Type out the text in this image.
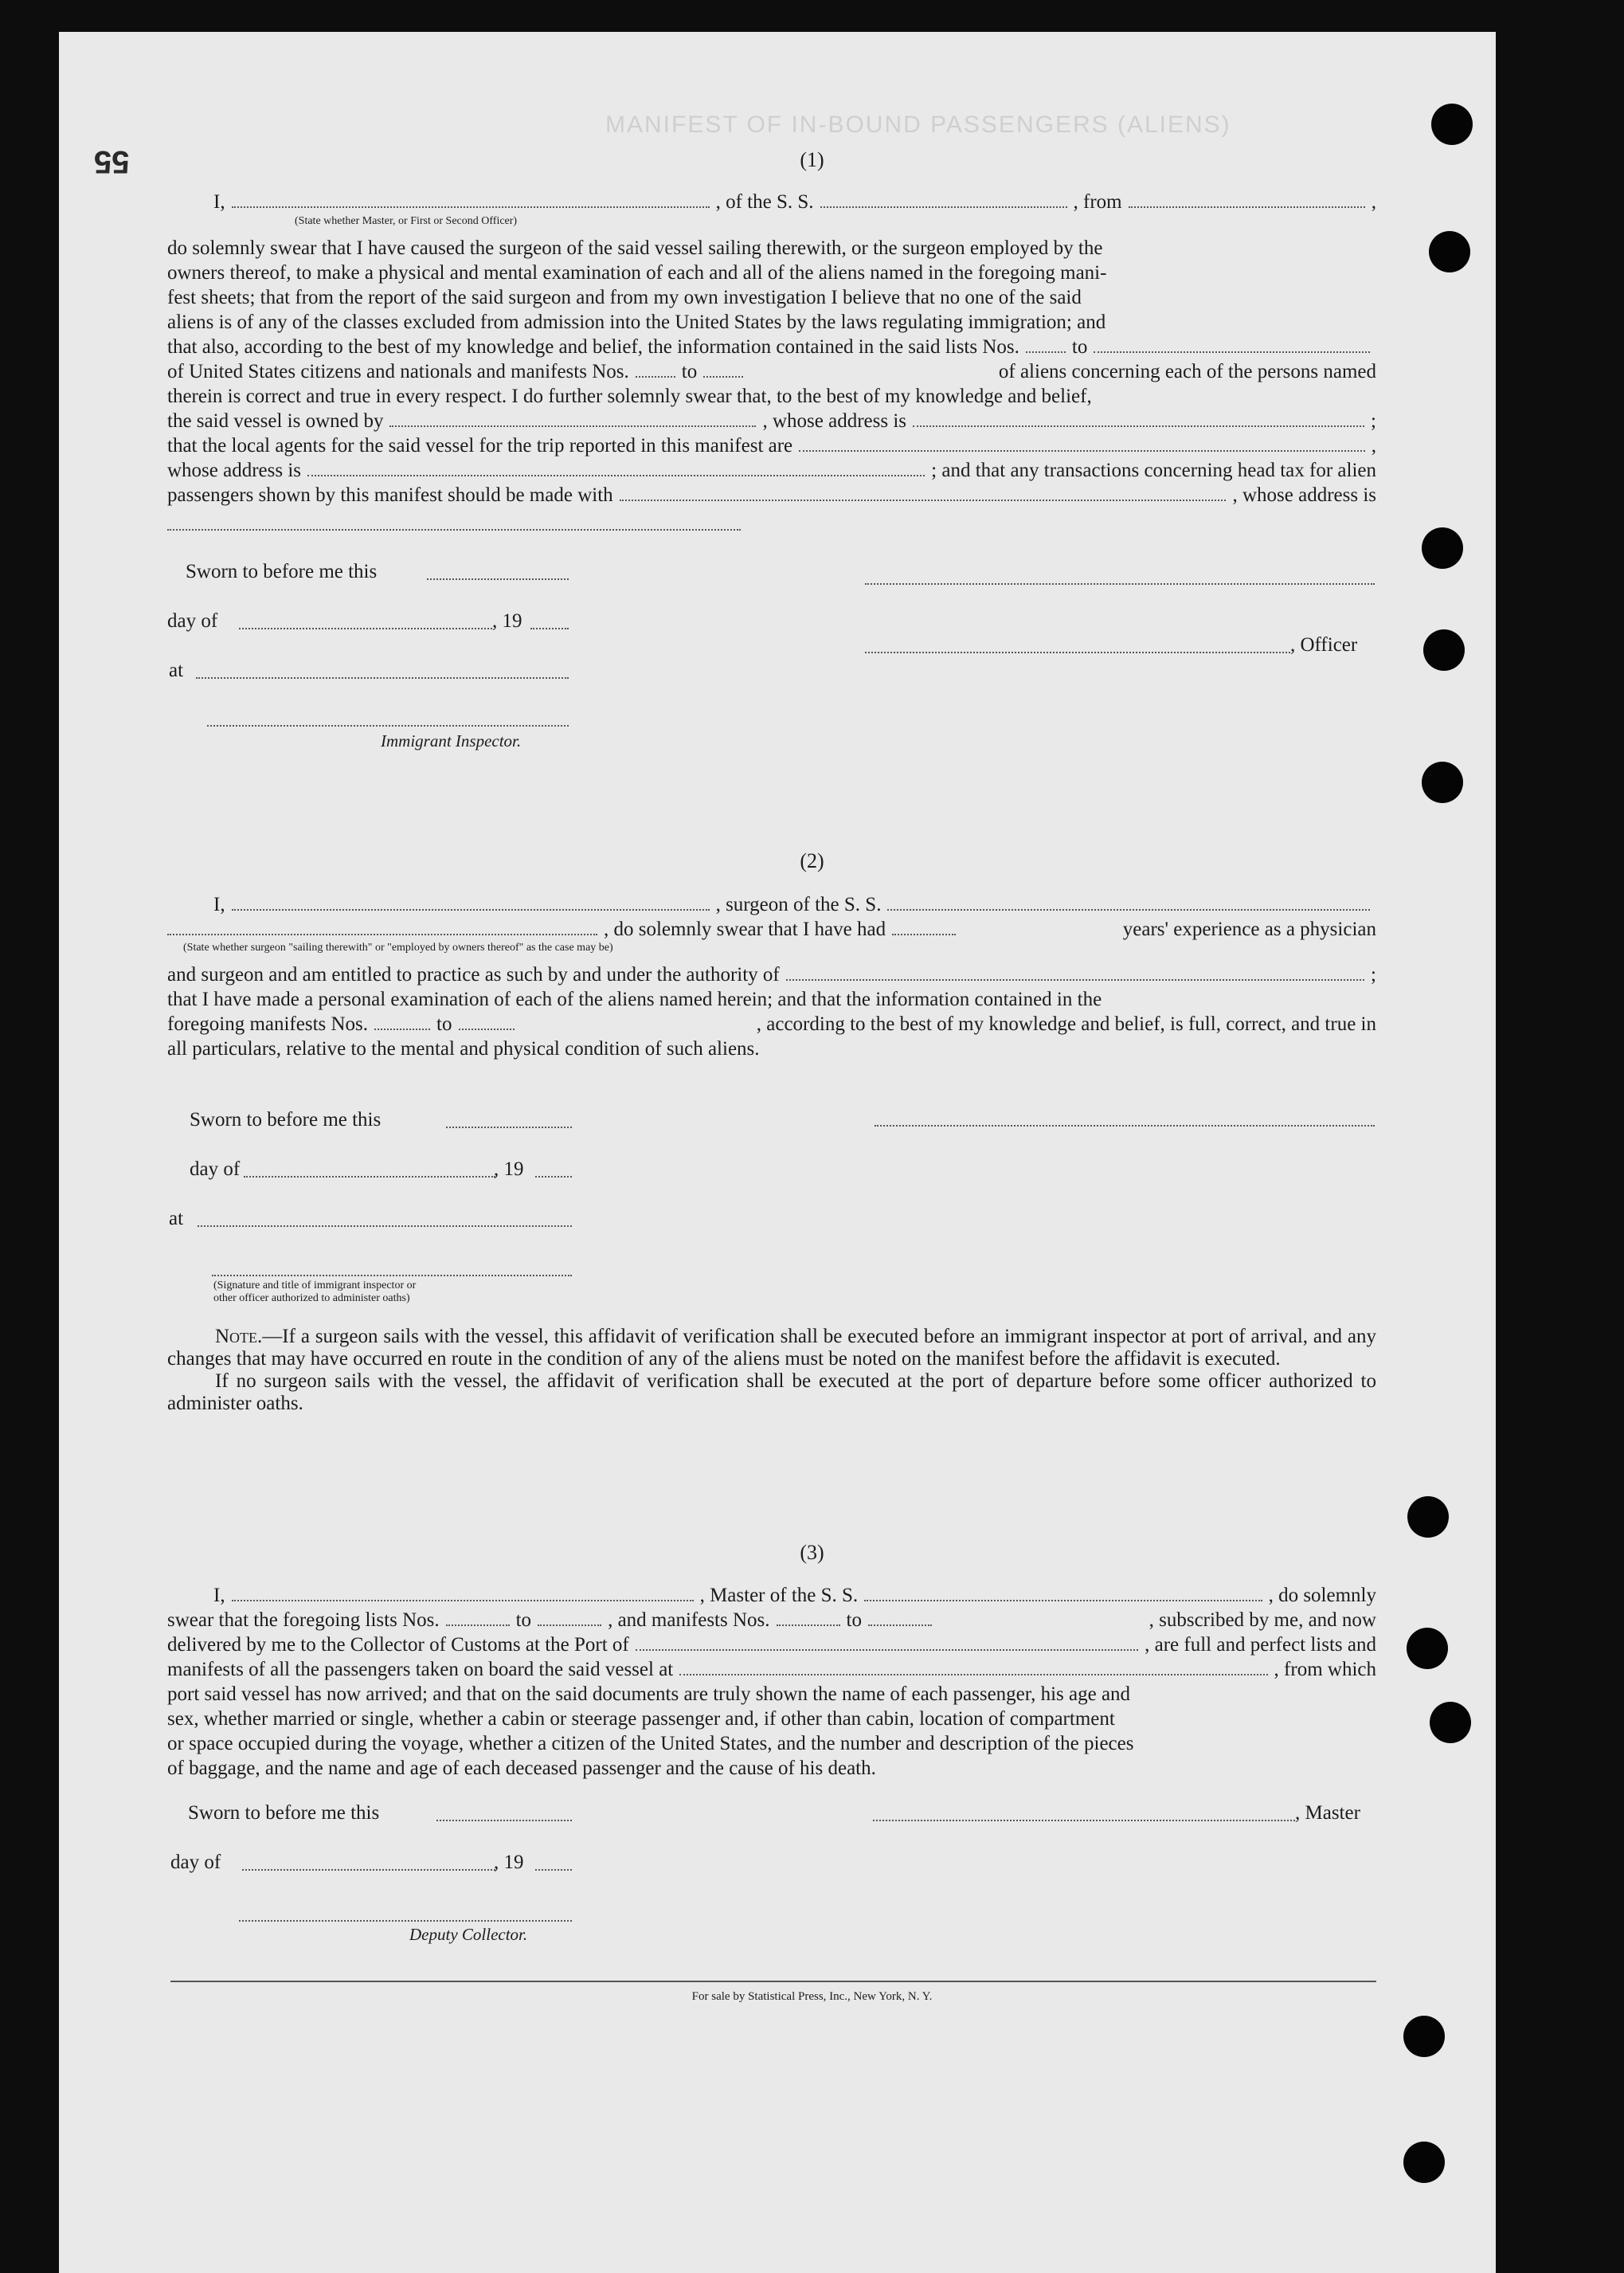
55
MANIFEST OF IN-BOUND PASSENGERS (ALIENS)
(1)
I,	, of the S. S.	, from	,
(State whether Master, or First or Second Officer)
do solemnly swear that I have caused the surgeon of the said vessel sailing therewith, or the surgeon employed by the
owners thereof, to make a physical and mental examination of each and all of the aliens named in the foregoing mani-
fest sheets; that from the report of the said surgeon and from my own investigation I believe that no one of the said
aliens is of any of the classes excluded from admission into the United States by the laws regulating immigration; and
that also, according to the best of my knowledge and belief, the information contained in the said lists Nos.	to
of United States citizens and nationals and manifests Nos.	to	of aliens concerning each of the persons named
therein is correct and true in every respect. I do further solemnly swear that, to the best of my knowledge and belief,
the said vessel is owned by	, whose address is	;
that the local agents for the said vessel for the trip reported in this manifest are	,
whose address is	; and that any transactions concerning head tax for alien
passengers shown by this manifest should be made with	, whose address is
Sworn to before me this
day of	, 19
, Officer
at
Immigrant Inspector.
(2)
I,	, surgeon of the S. S.
, do solemnly swear that I have had	years' experience as a physician
(State whether surgeon "sailing therewith" or "employed by owners thereof" as the case may be)
and surgeon and am entitled to practice as such by and under the authority of	;
that I have made a personal examination of each of the aliens named herein; and that the information contained in the
foregoing manifests Nos.	to	, according to the best of my knowledge and belief, is full, correct, and true in
all particulars, relative to the mental and physical condition of such aliens.
Sworn to before me this
day of	, 19
at
(Signature and title of immigrant inspector or
other officer authorized to administer oaths)

Note.—If a surgeon sails with the vessel, this affidavit of verification shall be executed before an immigrant inspector at port of arrival, and any changes that may have occurred en route in the condition of any of the aliens must be noted on the manifest before the affidavit is executed.

If no surgeon sails with the vessel, the affidavit of verification shall be executed at the port of departure before some officer authorized to administer oaths.

(3)
I,	, Master of the S. S.	, do solemnly
swear that the foregoing lists Nos.	to	, and manifests Nos.	to	, subscribed by me, and now
delivered by me to the Collector of Customs at the Port of	, are full and perfect lists and
manifests of all the passengers taken on board the said vessel at	, from which
port said vessel has now arrived; and that on the said documents are truly shown the name of each passenger, his age and
sex, whether married or single, whether a cabin or steerage passenger and, if other than cabin, location of compartment
or space occupied during the voyage, whether a citizen of the United States, and the number and description of the pieces
of baggage, and the name and age of each deceased passenger and the cause of his death.
Sworn to before me this	, Master
day of	, 19
Deputy Collector.
For sale by Statistical Press, Inc., New York, N. Y.
